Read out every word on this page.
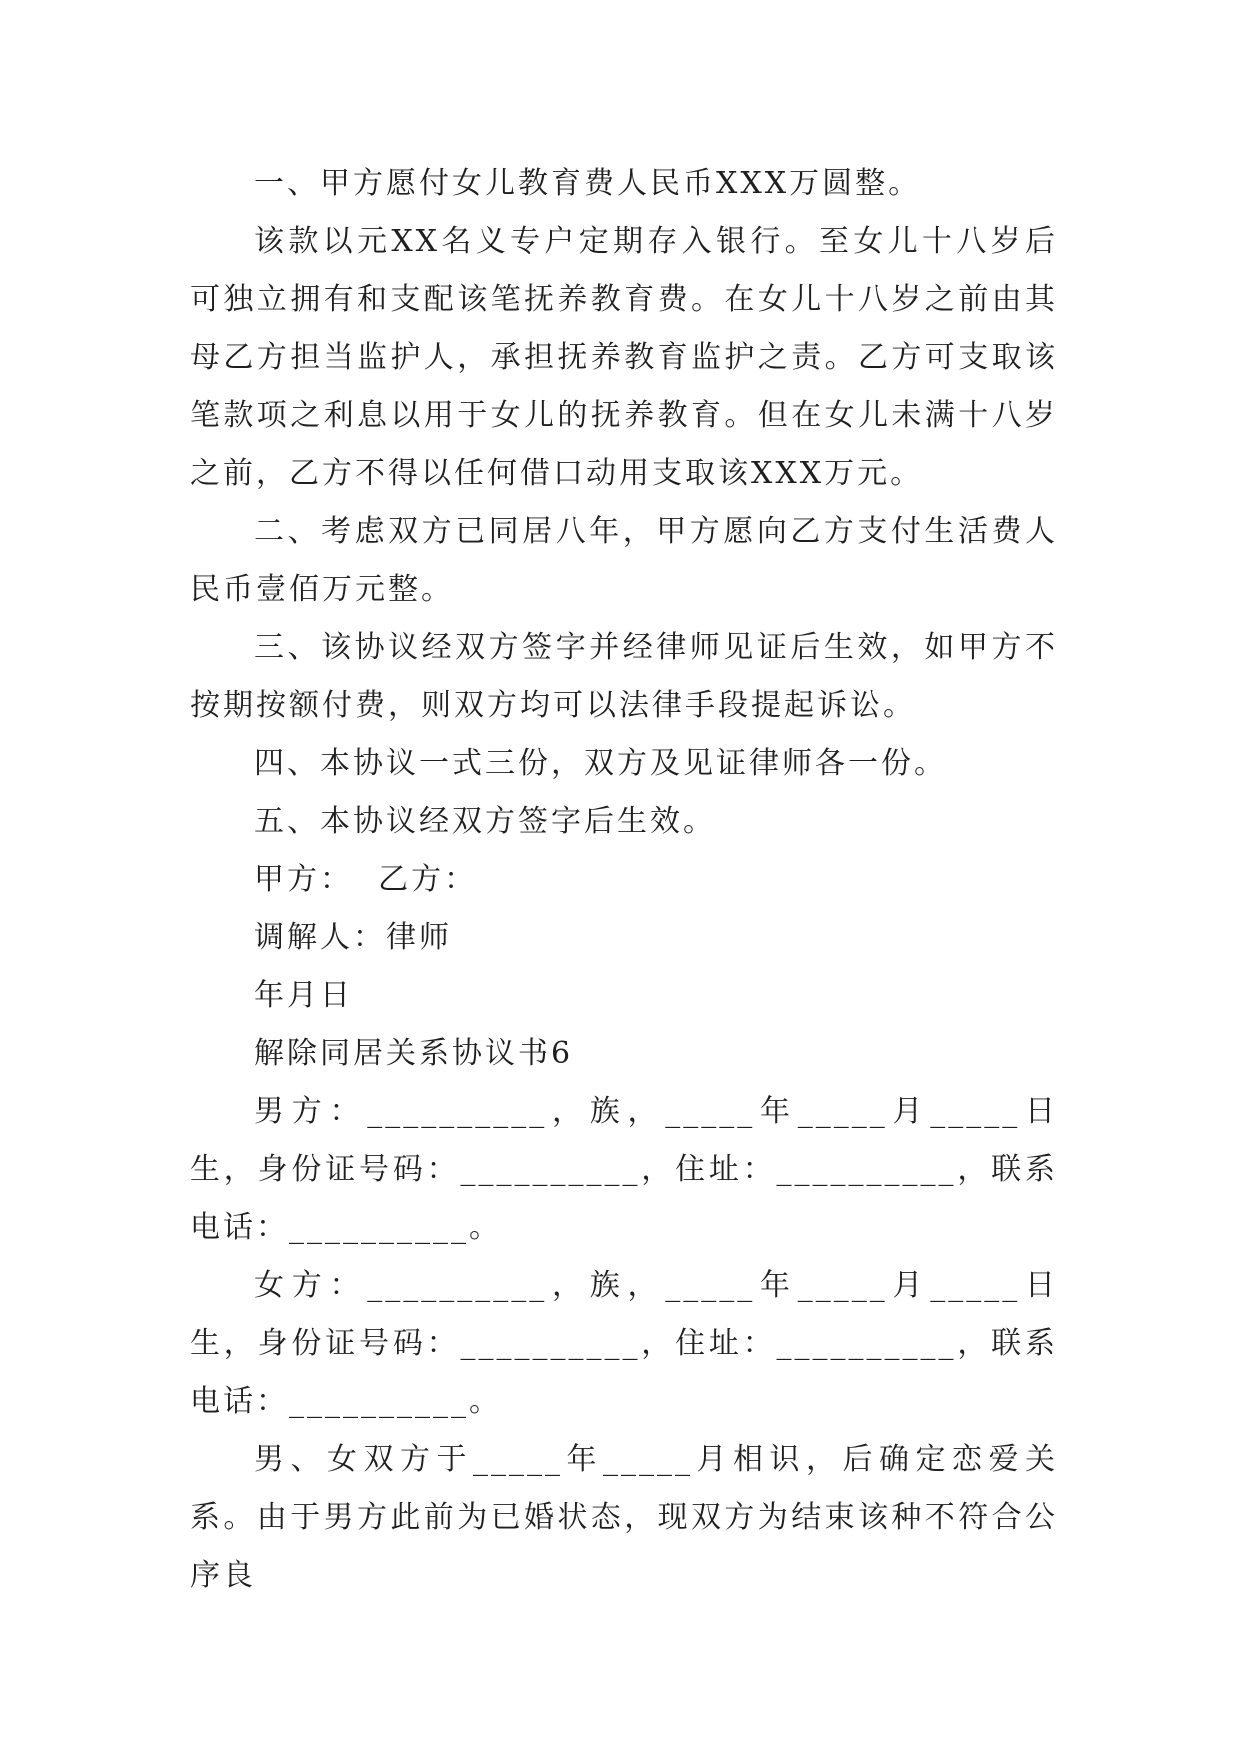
一、甲方愿付女儿教育费人民币XXX万圆整。

该款以元XX名义专户定期存入银行。至女儿十八岁后可独立拥有和支配该笔抚养教育费。在女儿十八岁之前由其母乙方担当监护人，承担抚养教育监护之责。乙方可支取该笔款项之利息以用于女儿的抚养教育。但在女儿未满十八岁之前，乙方不得以任何借口动用支取该XXX万元。

二、考虑双方已同居八年，甲方愿向乙方支付生活费人民币壹佰万元整。

三、该协议经双方签字并经律师见证后生效，如甲方不按期按额付费，则双方均可以法律手段提起诉讼。

四、本协议一式三份，双方及见证律师各一份。

五、本协议经双方签字后生效。

甲方：  乙方：

调解人：律师

年月日

解除同居关系协议书6

男方：__________，族，_____年_____月_____日生，身份证号码：__________，住址：__________，联系电话：__________。

女方：__________，族，_____年_____月_____日生，身份证号码：__________，住址：__________，联系电话：__________。

男、女双方于_____年_____月相识，后确定恋爱关系。由于男方此前为已婚状态，现双方为结束该种不符合公序良
